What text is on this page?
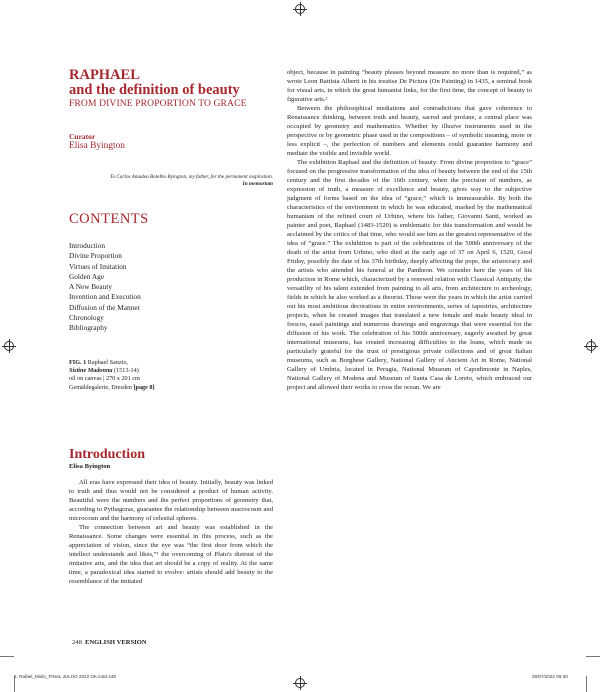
RAPHAEL
and the definition of beauty
FROM DIVINE PROPORTION TO GRACE
Curator
Elisa Byington
To Carlos Amadeu Botelho Byington, my father, for the permanent inspiration.
In memoriam
CONTENTS
Introduction
Divine Proportion
Virtues of Imitation
Golden Age
A New Beauty
Invention and Execution
Diffusion of the Manner
Chronology
Bibliography
FIG. 1 Raphael Sanzio,
Sistine Madonna (1513-14)
oil on canvas | 270 x 201 cm
Gemäldegalerie, Dresden [page 8]
Introduction
Elisa Byington

All eras have expressed their idea of beauty. Initially, beauty was linked to truth and thus would not be considered a product of human activity. Beautiful were the numbers and the perfect proportions of geometry that, according to Pythagoras, guarantee the relationship between macrocosm and microcosm and the harmony of celestial spheres.

The connection between art and beauty was established in the Renaissance. Some changes were essential in this process, such as the appreciation of vision, since the eye was “the first door from which the intellect understands and likes,”¹ the overcoming of Plato's distrust of the imitative arts, and the idea that art should be a copy of reality. At the same time, a paradoxical idea started to evolve: artists should add beauty to the resemblance of the imitated

object, because in painting “beauty pleases beyond measure no more than is required,” as wrote Leon Battista Alberti in his treatise De Pictura (On Painting) in 1435, a seminal book for visual arts, in which the great humanist links, for the first time, the concept of beauty to figurative arts.²

Between the philosophical mediations and contradictions that gave coherence to Renaissance thinking, between truth and beauty, sacred and profane, a central place was occupied by geometry and mathematics. Whether by illusive instruments used in the perspective or by geometric phase used in the compositions – of symbolic meaning, more or less explicit –, the perfection of numbers and elements could guarantee harmony and mediate the visible and invisible world.

The exhibition Raphael and the definition of beauty: From divine proportion to “grace” focused on the progressive transformation of the idea of beauty between the end of the 15th century and the first decades of the 16th century, when the precision of numbers, as expression of truth, a measure of excellence and beauty, gives way to the subjective judgment of forms based on the idea of “grace,” which is immeasurable. By both the characteristics of the environment in which he was educated, marked by the mathematical humanism of the refined court of Urbino, where his father, Giovanni Santi, worked as painter and poet, Raphael (1483-1520) is emblematic for this transformation and would be acclaimed by the critics of that time, who would see him as the greatest representative of the idea of “grace.” The exhibition is part of the celebrations of the 500th anniversary of the death of the artist from Urbino, who died at the early age of 37 on April 6, 1520, Good Friday, possibly the date of his 37th birthday, deeply affecting the pope, the aristocracy and the artists who attended his funeral at the Pantheon. We consider here the years of his production in Rome which, characterized by a renewed relation with Classical Antiquity, the versatility of his talent extended from painting to all arts, from architecture to archeology, fields in which he also worked as a theorist. Those were the years in which the artist carried out his most ambitious decorations in entire environments, series of tapestries, architecture projects, when he created images that translated a new female and male beauty ideal in frescos, easel paintings and numerous drawings and engravings that were essential for the diffusion of his work. The celebration of his 500th anniversary, eagerly awaited by great international museums, has created increasing difficulties to the loans, which made us particularly grateful for the trust of prestigious private collections and of great Italian museums, such as Borghese Gallery, National Gallery of Ancient Art in Rome, National Gallery of Umbria, located in Perugia, National Museum of Capodimonte in Naples, National Gallery of Modena and Museum of Santa Casa de Loreto, which embraced our project and allowed their works to cross the ocean. We are

248 ENGLISH VERSION
2. Rafael_Miolo_FINAL JULHO 2022 OK.indd 248	28/07/2022 09:30
